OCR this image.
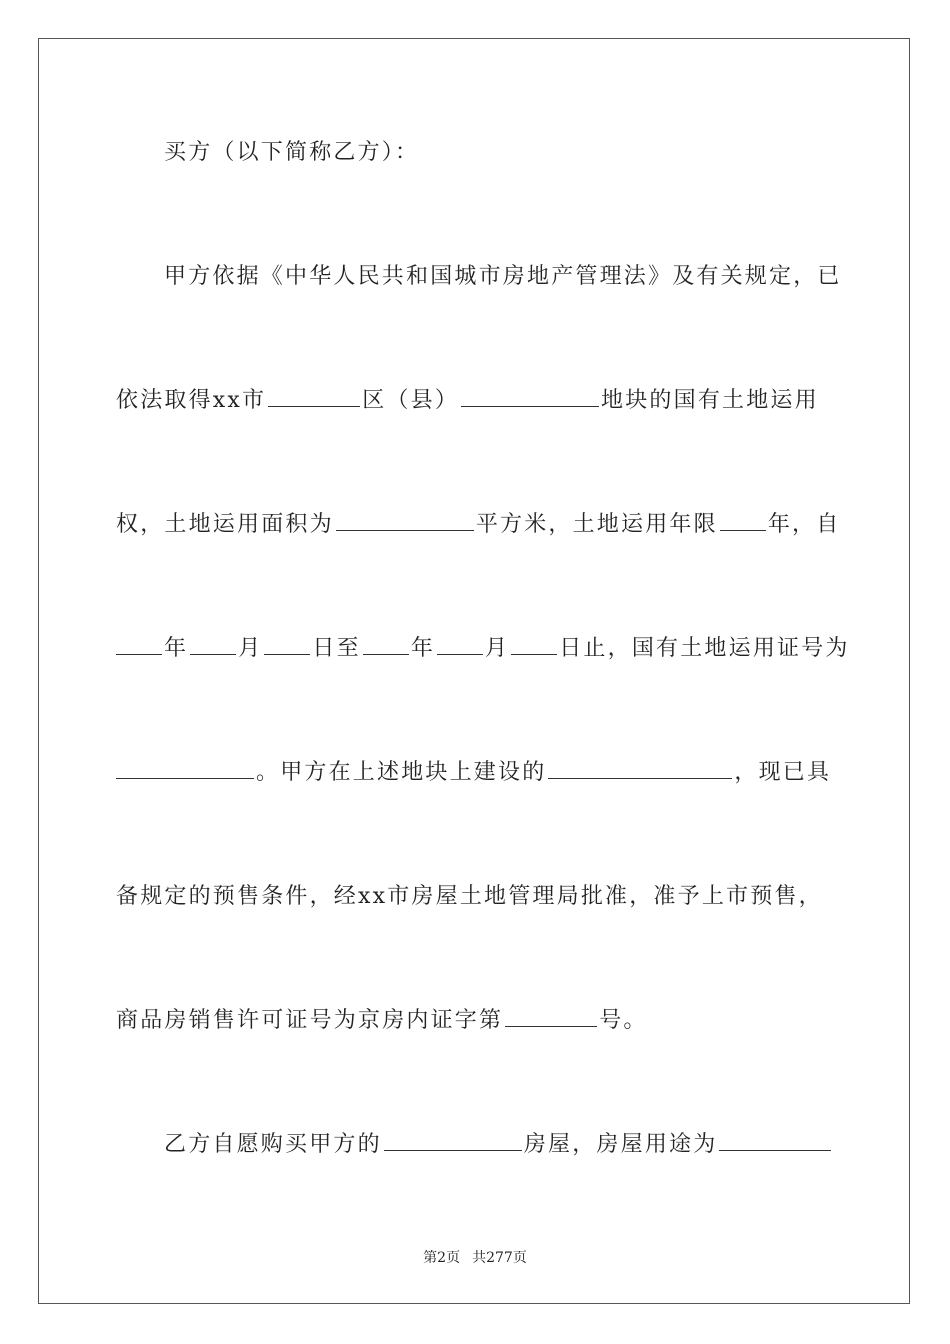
买方（以下简称乙方）：
甲方依据《中华人民共和国城市房地产管理法》及有关规定，已
依法取得xx市	区（县）	地块的国有土地运用
权，土地运用面积为	平方米，土地运用年限 年，自
年 月 日至 年 月 日止，国有土地运用证号为
。甲方在上述地块上建设的	，现已具
备规定的预售条件，经xx市房屋土地管理局批准，准予上市预售，
商品房销售许可证号为京房内证字第	号。
乙方自愿购买甲方的	房屋，房屋用途为
第2页 共277页
